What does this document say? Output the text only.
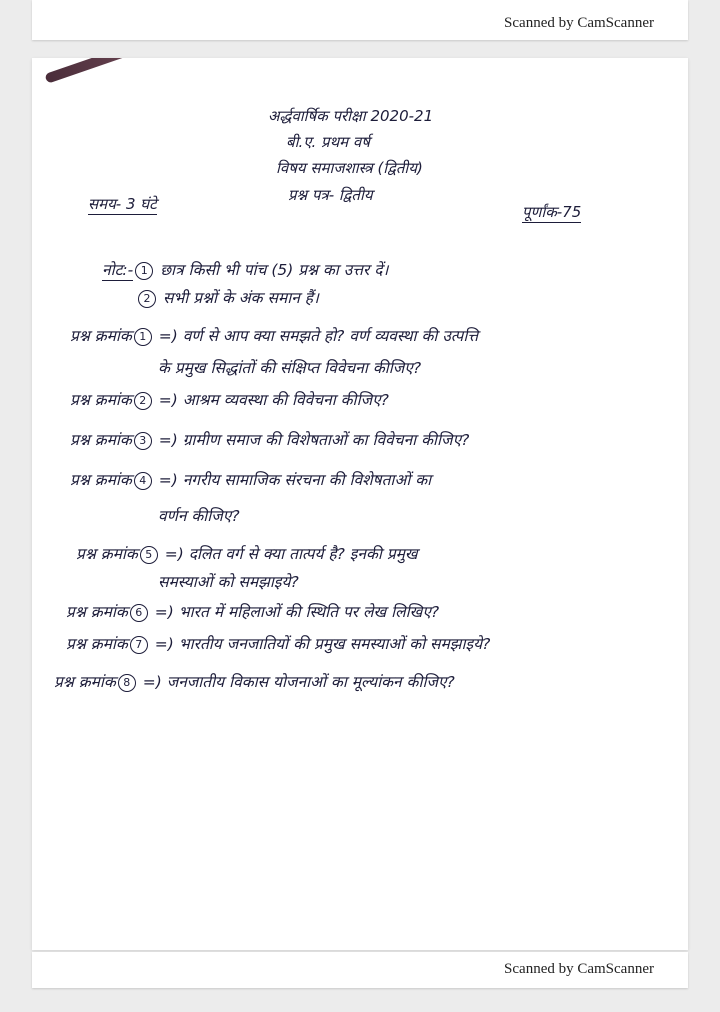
Scanned by CamScanner
अर्द्धवार्षिक परीक्षा 2020-21
बी.ए. प्रथम वर्ष
विषय समाजशास्त्र (द्वितीय)
प्रश्न पत्र- द्वितीय
समय- 3 घंटे	पूर्णांक-75
नोट:- 1 छात्र किसी भी पांच (5) प्रश्न का उत्तर दें।
2 सभी प्रश्नों के अंक समान हैं।
प्रश्न क्रमांक 1 =) वर्ण से आप क्या समझते हो? वर्ण व्यवस्था की उत्पत्ति
के प्रमुख सिद्धांतों की संक्षिप्त विवेचना कीजिए?
प्रश्न क्रमांक 2 =) आश्रम व्यवस्था की विवेचना कीजिए?
प्रश्न क्रमांक 3 =) ग्रामीण समाज की विशेषताओं का विवेचना कीजिए?
प्रश्न क्रमांक 4 =) नगरीय सामाजिक संरचना की विशेषताओं का
वर्णन कीजिए?
प्रश्न क्रमांक 5 =) दलित वर्ग से क्या तात्पर्य है? इनकी प्रमुख
समस्याओं को समझाइये?
प्रश्न क्रमांक 6 =) भारत में महिलाओं की स्थिति पर लेख लिखिए?
प्रश्न क्रमांक 7 =) भारतीय जनजातियों की प्रमुख समस्याओं को समझाइये?
प्रश्न क्रमांक 8 =) जनजातीय विकास योजनाओं का मूल्यांकन कीजिए?
Scanned by CamScanner
